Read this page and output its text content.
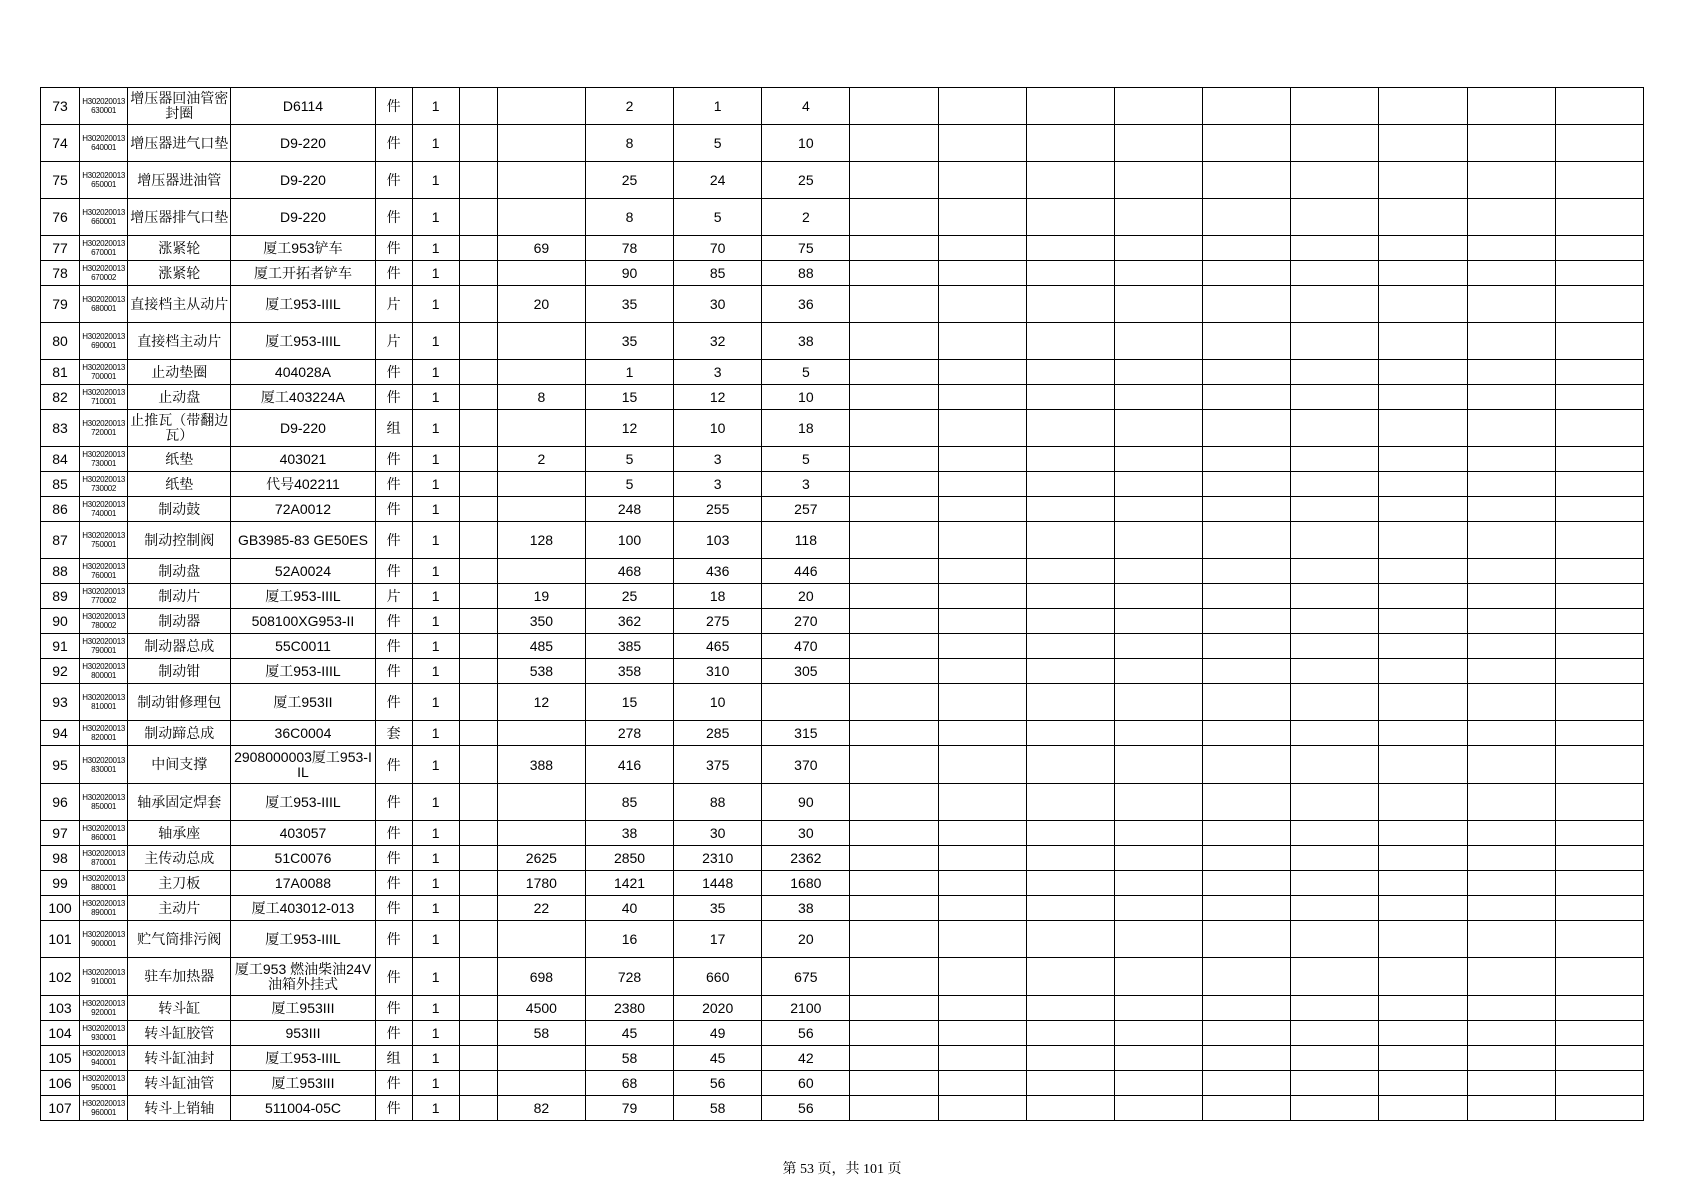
73	H302020013630001	增压器回油管密封圈	D6114	件	1			2	1	4									
74	H302020013640001	增压器进气口垫	D9-220	件	1			8	5	10									
75	H302020013650001	增压器进油管	D9-220	件	1			25	24	25									
76	H302020013660001	增压器排气口垫	D9-220	件	1			8	5	2									
77	H302020013670001	涨紧轮	厦工953铲车	件	1		69	78	70	75									
78	H302020013670002	涨紧轮	厦工开拓者铲车	件	1			90	85	88									
79	H302020013680001	直接档主从动片	厦工953-IIIL	片	1		20	35	30	36									
80	H302020013690001	直接档主动片	厦工953-IIIL	片	1			35	32	38									
81	H302020013700001	止动垫圈	404028A	件	1			1	3	5									
82	H302020013710001	止动盘	厦工403224A	件	1		8	15	12	10									
83	H302020013720001	止推瓦（带翻边瓦）	D9-220	组	1			12	10	18									
84	H302020013730001	纸垫	403021	件	1		2	5	3	5									
85	H302020013730002	纸垫	代号402211	件	1			5	3	3									
86	H302020013740001	制动鼓	72A0012	件	1			248	255	257									
87	H302020013750001	制动控制阀	GB3985-83 GE50ES	件	1		128	100	103	118									
88	H302020013760001	制动盘	52A0024	件	1			468	436	446									
89	H302020013770002	制动片	厦工953-IIIL	片	1		19	25	18	20									
90	H302020013780002	制动器	508100XG953-II	件	1		350	362	275	270									
91	H302020013790001	制动器总成	55C0011	件	1		485	385	465	470									
92	H302020013800001	制动钳	厦工953-IIIL	件	1		538	358	310	305									
93	H302020013810001	制动钳修理包	厦工953II	件	1		12	15	10										
94	H302020013820001	制动蹄总成	36C0004	套	1			278	285	315									
95	H302020013830001	中间支撑	2908000003厦工953-IIL	件	1		388	416	375	370									
96	H302020013850001	轴承固定焊套	厦工953-IIIL	件	1			85	88	90									
97	H302020013860001	轴承座	403057	件	1			38	30	30									
98	H302020013870001	主传动总成	51C0076	件	1		2625	2850	2310	2362									
99	H302020013880001	主刀板	17A0088	件	1		1780	1421	1448	1680									
100	H302020013890001	主动片	厦工403012-013	件	1		22	40	35	38									
101	H302020013900001	贮气筒排污阀	厦工953-IIIL	件	1			16	17	20									
102	H302020013910001	驻车加热器	厦工953 燃油柴油24V油箱外挂式	件	1		698	728	660	675									
103	H302020013920001	转斗缸	厦工953III	件	1		4500	2380	2020	2100									
104	H302020013930001	转斗缸胶管	953III	件	1		58	45	49	56									
105	H302020013940001	转斗缸油封	厦工953-IIIL	组	1			58	45	42									
106	H302020013950001	转斗缸油管	厦工953III	件	1			68	56	60									
107	H302020013960001	转斗上销轴	511004-05C	件	1		82	79	58	56									
第 53 页，共 101 页
